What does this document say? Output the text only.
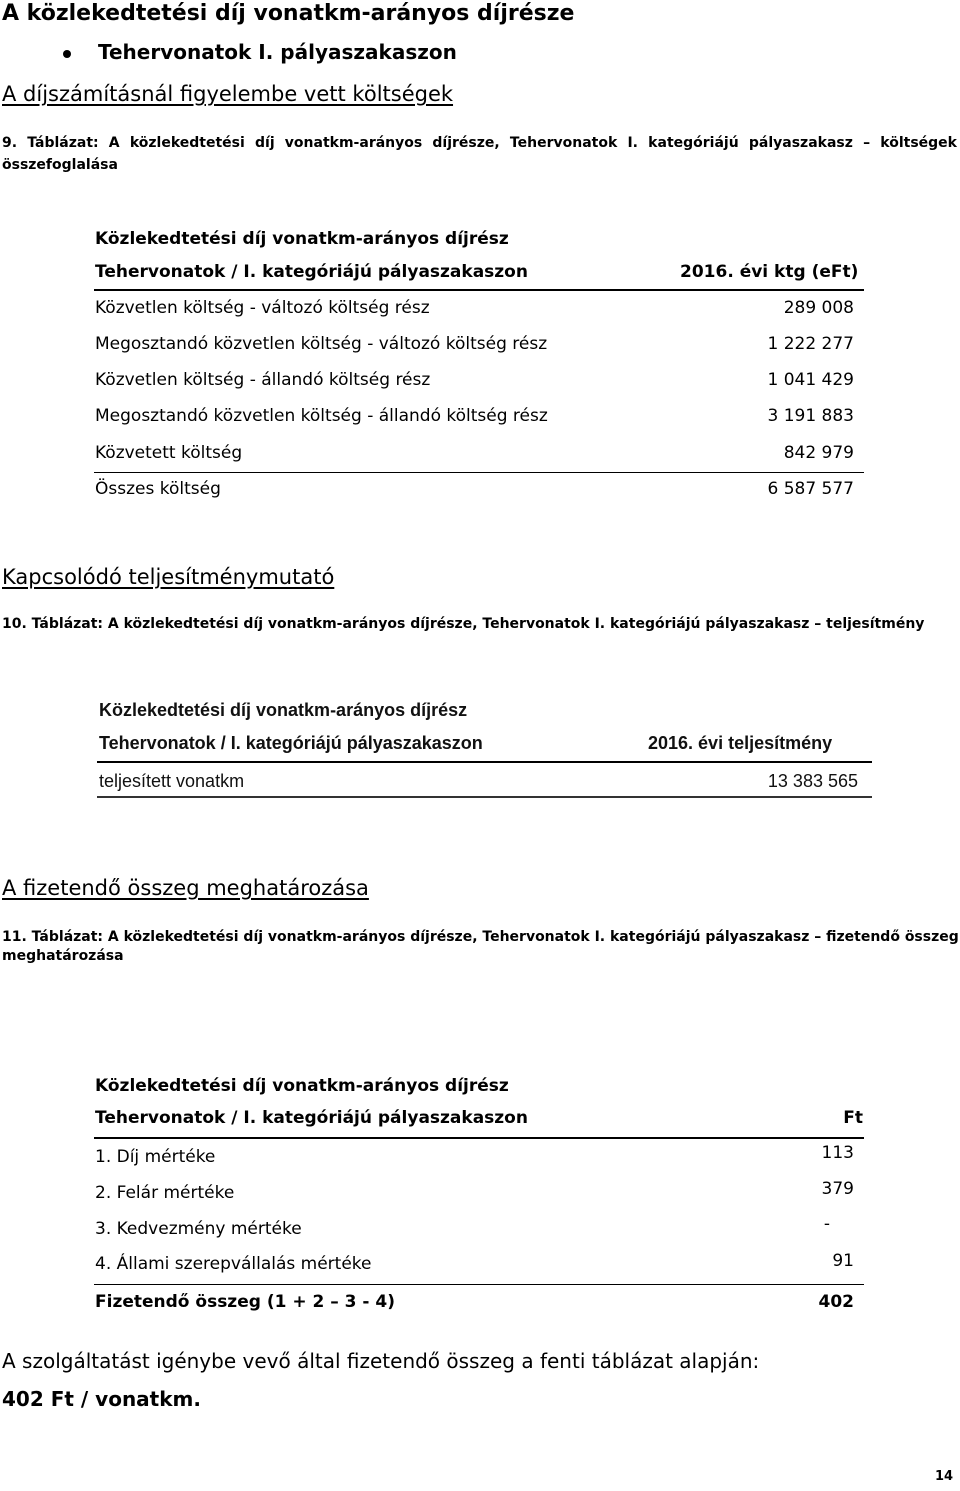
A közlekedtetési díj vonatkm-arányos díjrésze
Tehervonatok I. pályaszakaszon
A díjszámításnál figyelembe vett költségek
9. Táblázat: A közlekedtetési díj vonatkm-arányos díjrésze, Tehervonatok I. kategóriájú pályaszakasz – költségek
összefoglalása
Közlekedtetési díj vonatkm-arányos díjrész
Tehervonatok / I. kategóriájú pályaszakaszon	2016. évi ktg (eFt)
Közvetlen költség - változó költség rész	289 008
Megosztandó közvetlen költség - változó költség rész	1 222 277
Közvetlen költség - állandó költség rész	1 041 429
Megosztandó közvetlen költség - állandó költség rész	3 191 883
Közvetett költség	842 979
Összes költség	6 587 577
Kapcsolódó teljesítménymutató
10. Táblázat: A közlekedtetési díj vonatkm-arányos díjrésze, Tehervonatok I. kategóriájú pályaszakasz – teljesítmény
Közlekedtetési díj vonatkm-arányos díjrész
Tehervonatok / I. kategóriájú pályaszakaszon	2016. évi teljesítmény
teljesített vonatkm	13 383 565
A fizetendő összeg meghatározása
11. Táblázat: A közlekedtetési díj vonatkm-arányos díjrésze, Tehervonatok I. kategóriájú pályaszakasz – fizetendő összeg
meghatározása
Közlekedtetési díj vonatkm-arányos díjrész
Tehervonatok / I. kategóriájú pályaszakaszon	Ft
1. Díj mértéke	113
2. Felár mértéke	379
3. Kedvezmény mértéke	-
4. Állami szerepvállalás mértéke	91
Fizetendő összeg (1 + 2 – 3 - 4)	402
A szolgáltatást igénybe vevő által fizetendő összeg a fenti táblázat alapján:
402 Ft / vonatkm.
14
